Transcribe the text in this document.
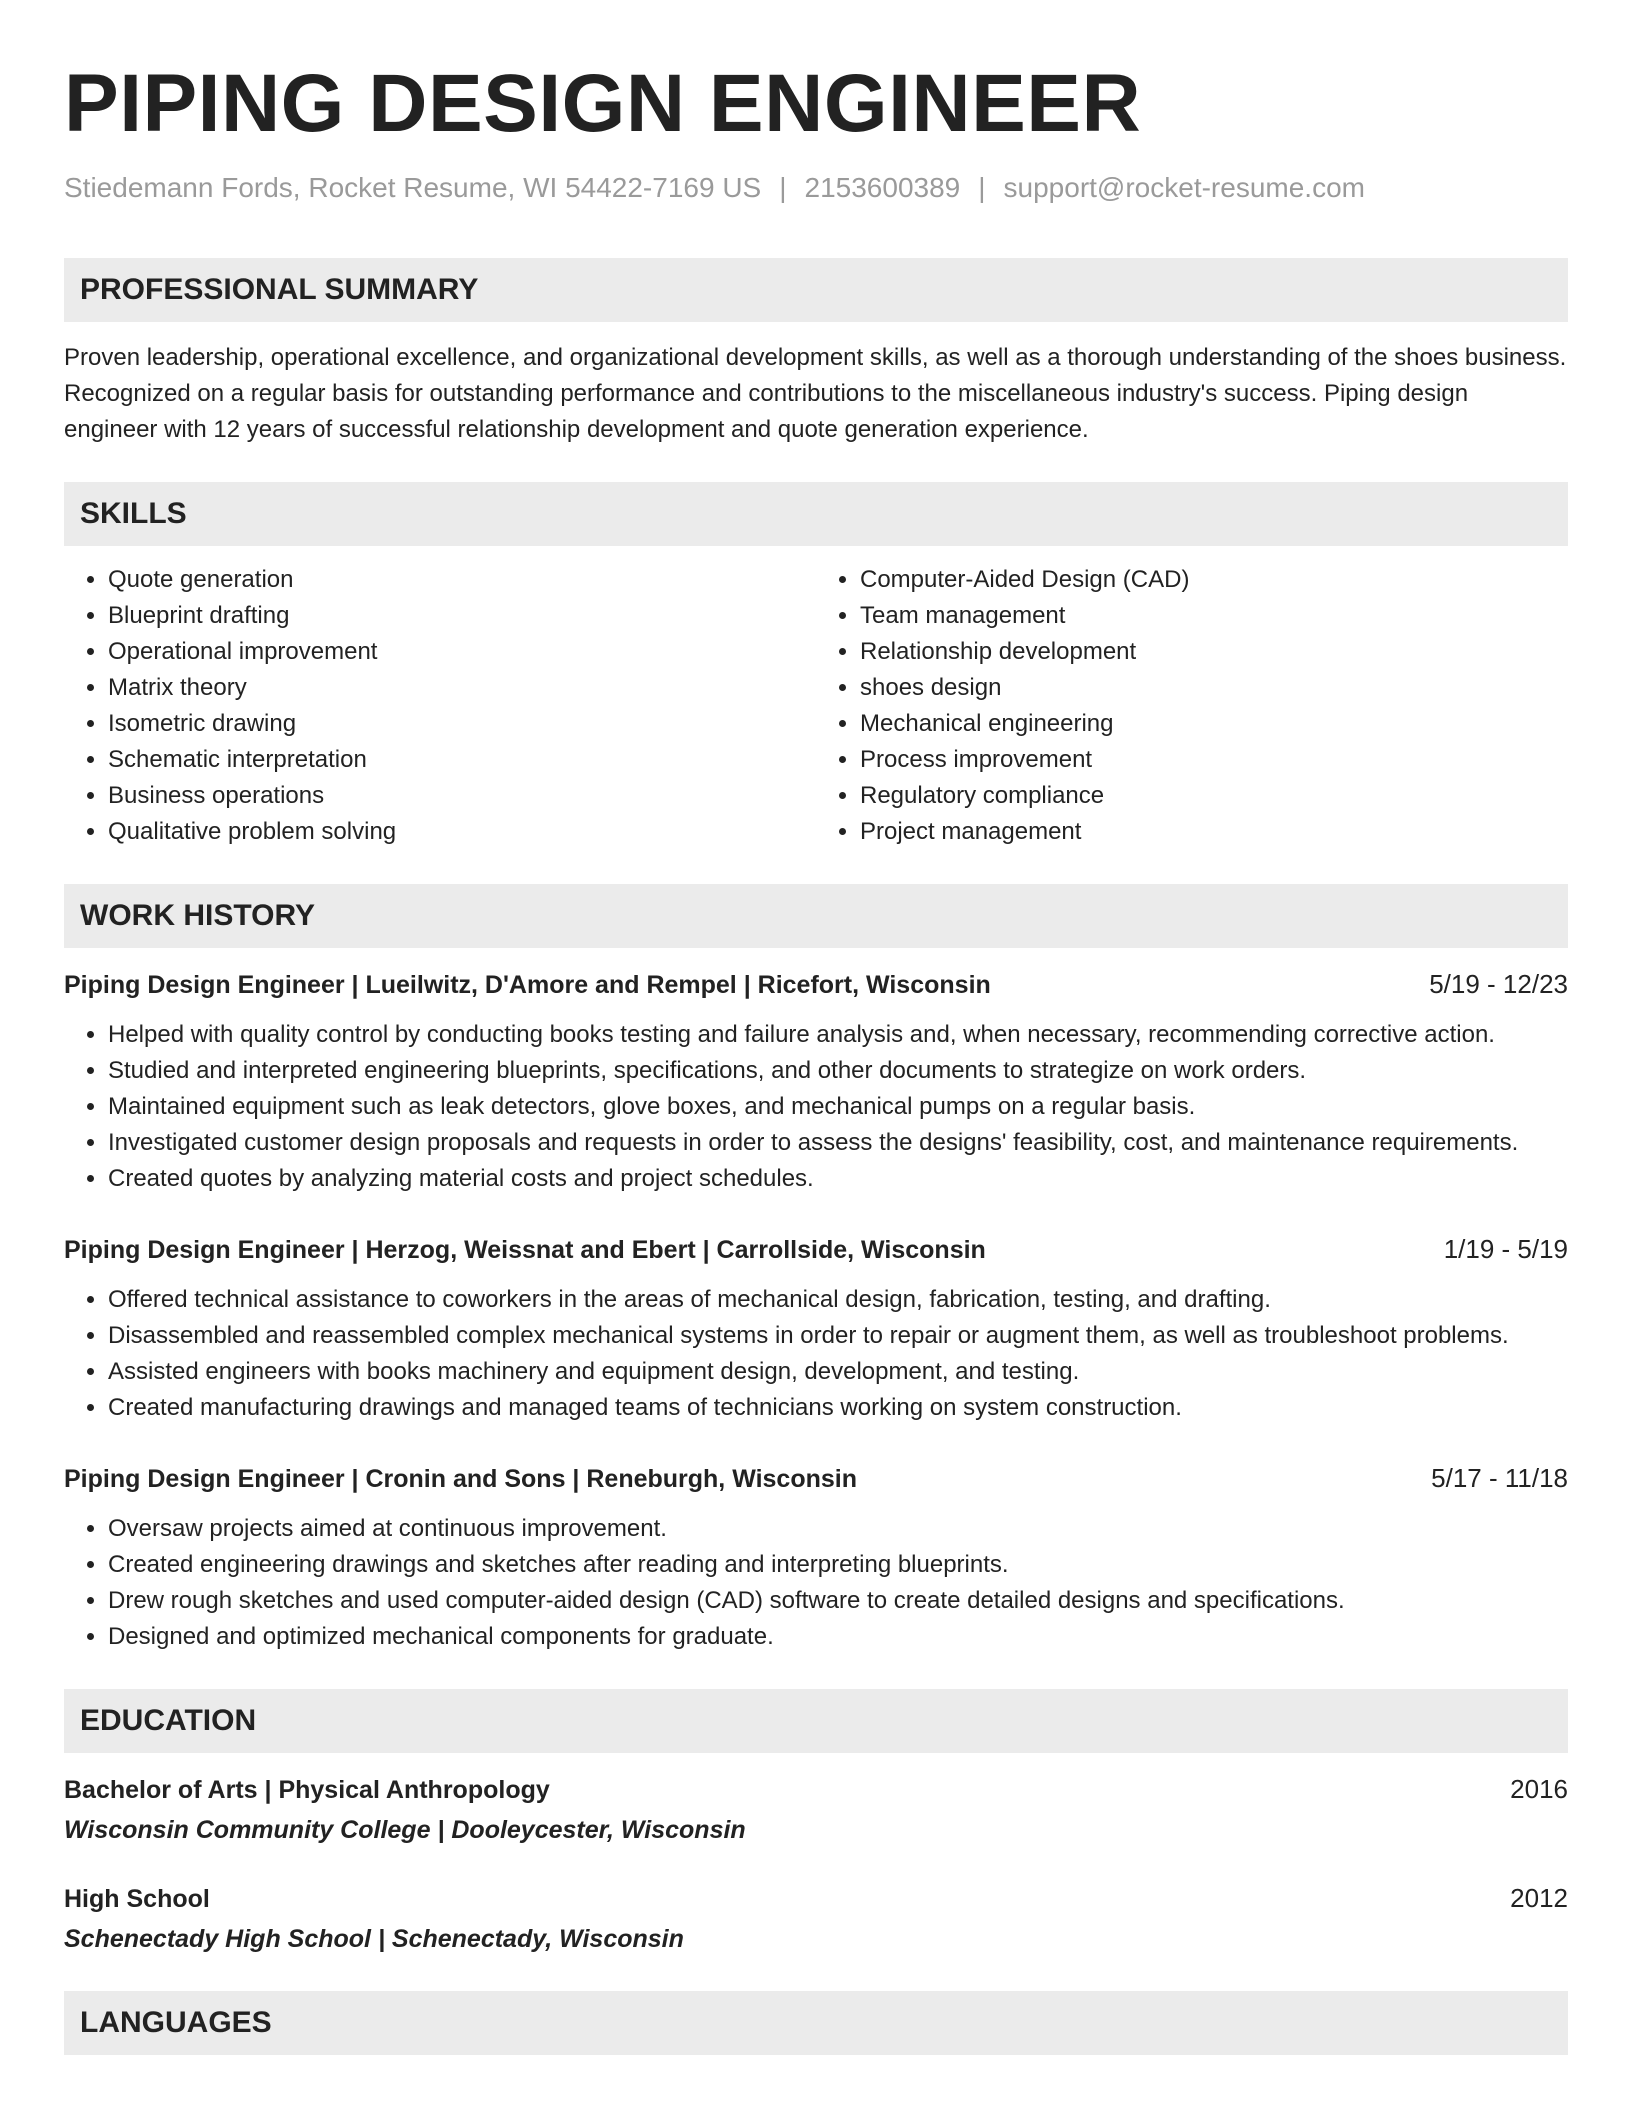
PIPING DESIGN ENGINEER
Stiedemann Fords, Rocket Resume, WI 54422-7169 US | 2153600389 | support@rocket-resume.com
PROFESSIONAL SUMMARY

Proven leadership, operational excellence, and organizational development skills, as well as a thorough understanding of the shoes business. Recognized on a regular basis for outstanding performance and contributions to the miscellaneous industry's success. Piping design engineer with 12 years of successful relationship development and quote generation experience.

SKILLS
• Quote generation
• Blueprint drafting
• Operational improvement
• Matrix theory
• Isometric drawing
• Schematic interpretation
• Business operations
• Qualitative problem solving
• Computer-Aided Design (CAD)
• Team management
• Relationship development
• shoes design
• Mechanical engineering
• Process improvement
• Regulatory compliance
• Project management
WORK HISTORY
Piping Design Engineer | Lueilwitz, D'Amore and Rempel | Ricefort, Wisconsin	5/19 - 12/23
• Helped with quality control by conducting books testing and failure analysis and, when necessary, recommending corrective action.
• Studied and interpreted engineering blueprints, specifications, and other documents to strategize on work orders.
• Maintained equipment such as leak detectors, glove boxes, and mechanical pumps on a regular basis.
• Investigated customer design proposals and requests in order to assess the designs' feasibility, cost, and maintenance requirements.
• Created quotes by analyzing material costs and project schedules.
Piping Design Engineer | Herzog, Weissnat and Ebert | Carrollside, Wisconsin	1/19 - 5/19
• Offered technical assistance to coworkers in the areas of mechanical design, fabrication, testing, and drafting.
• Disassembled and reassembled complex mechanical systems in order to repair or augment them, as well as troubleshoot problems.
• Assisted engineers with books machinery and equipment design, development, and testing.
• Created manufacturing drawings and managed teams of technicians working on system construction.
Piping Design Engineer | Cronin and Sons | Reneburgh, Wisconsin	5/17 - 11/18
• Oversaw projects aimed at continuous improvement.
• Created engineering drawings and sketches after reading and interpreting blueprints.
• Drew rough sketches and used computer-aided design (CAD) software to create detailed designs and specifications.
• Designed and optimized mechanical components for graduate.
EDUCATION
Bachelor of Arts | Physical Anthropology	2016
Wisconsin Community College | Dooleycester, Wisconsin
High School	2012
Schenectady High School | Schenectady, Wisconsin
LANGUAGES
